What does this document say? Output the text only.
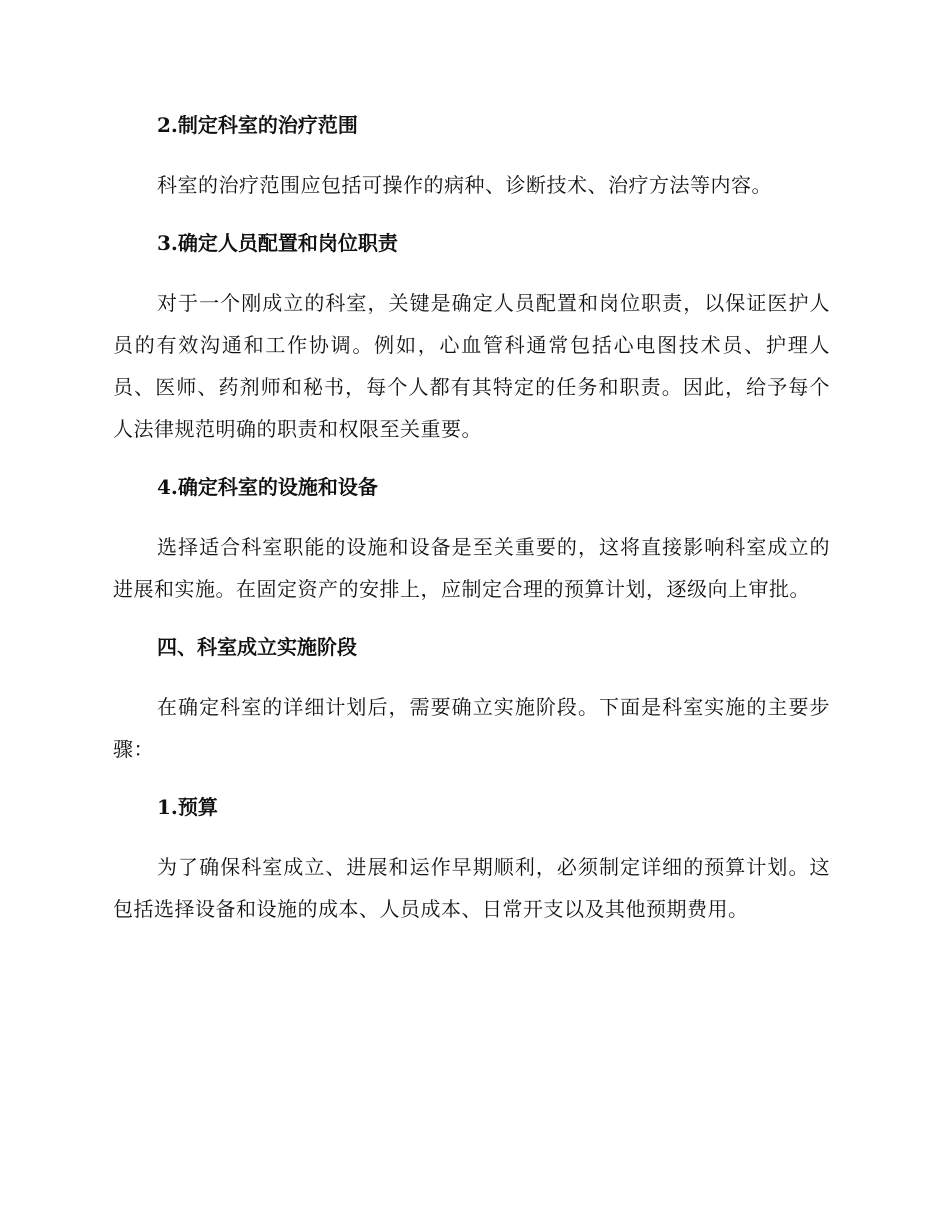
2.制定科室的治疗范围

科室的治疗范围应包括可操作的病种、诊断技术、治疗方法等内容。

3.确定人员配置和岗位职责

对于一个刚成立的科室，关键是确定人员配置和岗位职责，以保证医护人员的有效沟通和工作协调。例如，心血管科通常包括心电图技术员、护理人员、医师、药剂师和秘书，每个人都有其特定的任务和职责。因此，给予每个人法律规范明确的职责和权限至关重要。

4.确定科室的设施和设备

选择适合科室职能的设施和设备是至关重要的，这将直接影响科室成立的进展和实施。在固定资产的安排上，应制定合理的预算计划，逐级向上审批。

四、科室成立实施阶段

在确定科室的详细计划后，需要确立实施阶段。下面是科室实施的主要步骤：

1.预算

为了确保科室成立、进展和运作早期顺利，必须制定详细的预算计划。这包括选择设备和设施的成本、人员成本、日常开支以及其他预期费用。
